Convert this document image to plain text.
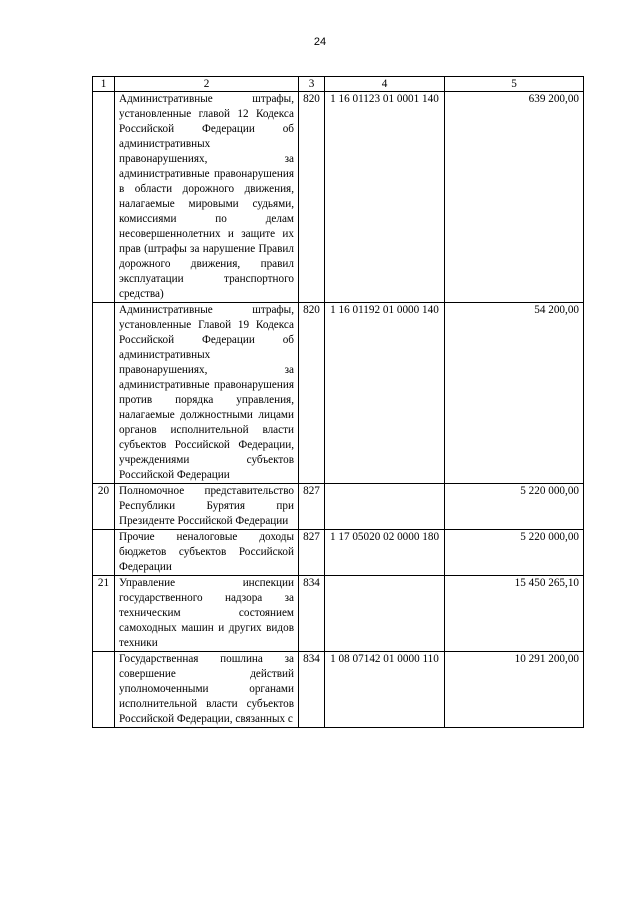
24
1	2	3	4	5
	Административные штрафы, установленные главой 12 Кодекса Российской Федерации об административных правонарушениях, за административные правонарушения в области дорожного движения, налагаемые мировыми судьями, комиссиями по делам несовершеннолетних и защите их прав (штрафы за нарушение Правил дорожного движения, правил эксплуатации транспортного средства)	820	1 16 01123 01 0001 140	639 200,00
	Административные штрафы, установленные Главой 19 Кодекса Российской Федерации об административных правонарушениях, за административные правонарушения против порядка управления, налагаемые должностными лицами органов исполнительной власти субъектов Российской Федерации, учреждениями субъектов Российской Федерации	820	1 16 01192 01 0000 140	54 200,00
20	Полномочное представительство Республики Бурятия при Президенте Российской Федерации	827		5 220 000,00
	Прочие неналоговые доходы бюджетов субъектов Российской Федерации	827	1 17 05020 02 0000 180	5 220 000,00
21	Управление инспекции государственного надзора за техническим состоянием самоходных машин и других видов техники	834		15 450 265,10
	Государственная пошлина за совершение действий уполномоченными органами исполнительной власти субъектов Российской Федерации, связанных с	834	1 08 07142 01 0000 110	10 291 200,00
